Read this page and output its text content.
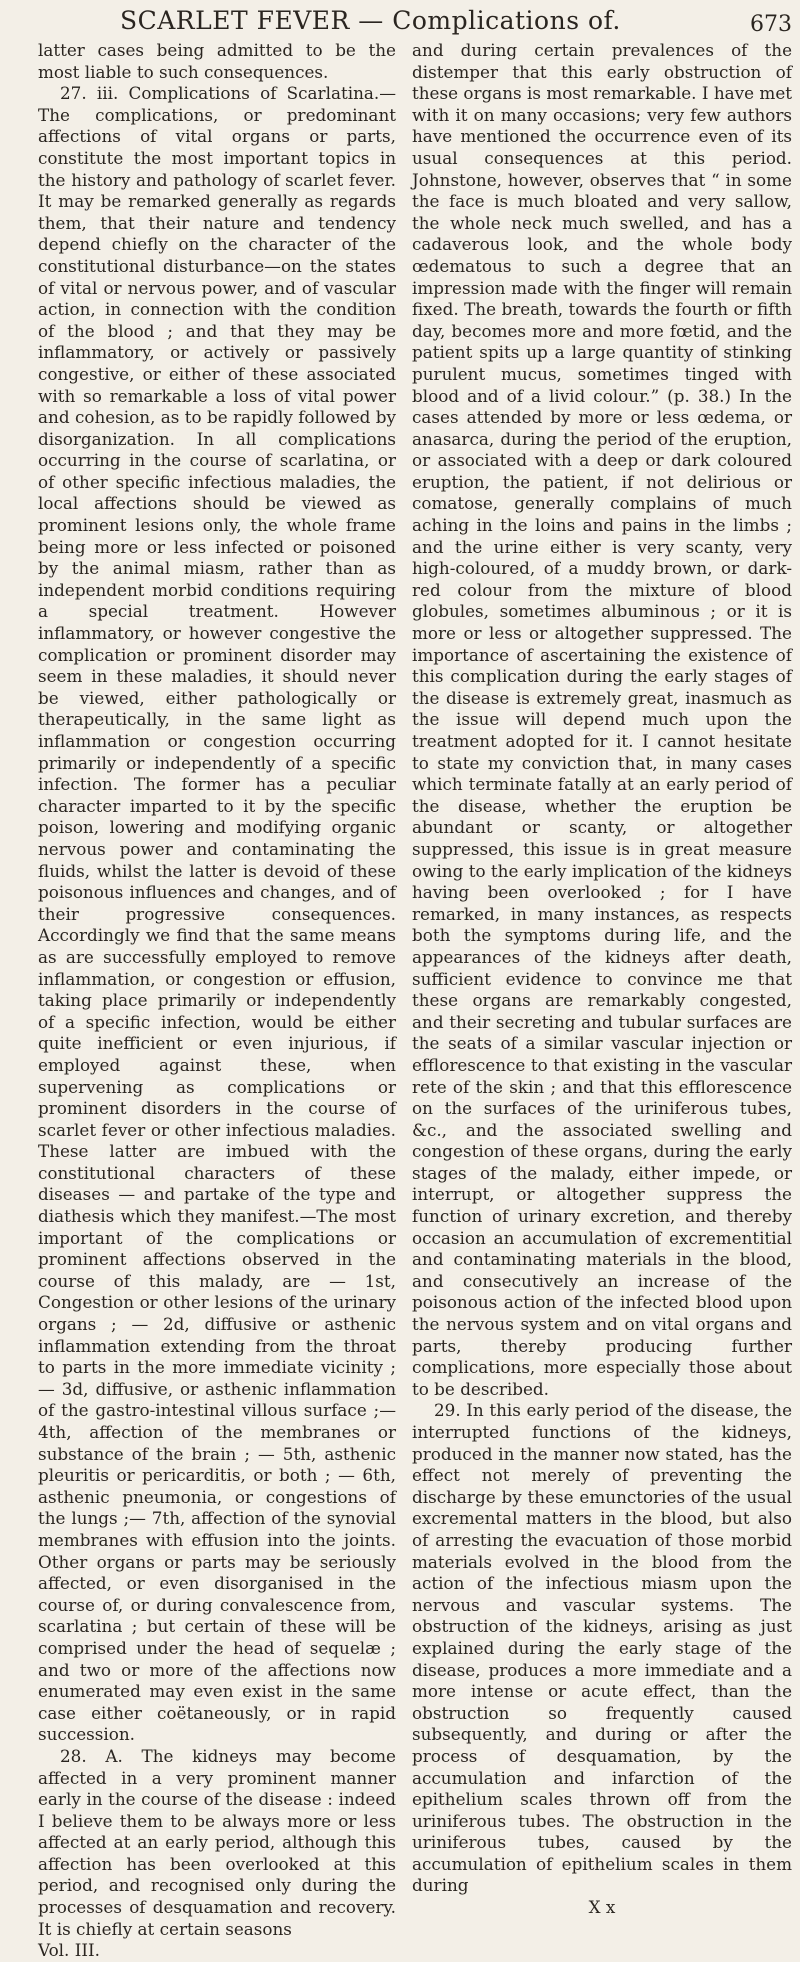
SCARLET FEVER — Complications of.	673

latter cases being admitted to be the most liable to such consequences.

27. iii. Complications of Scarlatina.—The complications, or predominant affections of vital organs or parts, constitute the most important topics in the history and pathology of scarlet fever. It may be remarked generally as regards them, that their nature and tendency depend chiefly on the character of the constitutional disturbance—on the states of vital or nervous power, and of vascular action, in connection with the condition of the blood ; and that they may be inflammatory, or actively or passively congestive, or either of these associated with so remarkable a loss of vital power and cohesion, as to be rapidly followed by disorganization. In all complications occurring in the course of scarlatina, or of other specific infectious maladies, the local affections should be viewed as prominent lesions only, the whole frame being more or less infected or poisoned by the animal miasm, rather than as independent morbid conditions requiring a special treatment. However inflammatory, or however congestive the complication or prominent disorder may seem in these maladies, it should never be viewed, either pathologically or therapeutically, in the same light as inflammation or congestion occurring primarily or independently of a specific infection. The former has a peculiar character imparted to it by the specific poison, lowering and modifying organic nervous power and contaminating the fluids, whilst the latter is devoid of these poisonous influences and changes, and of their progressive consequences. Accordingly we find that the same means as are successfully employed to remove inflammation, or congestion or effusion, taking place primarily or independently of a specific infection, would be either quite inefficient or even injurious, if employed against these, when supervening as complications or prominent disorders in the course of scarlet fever or other infectious maladies. These latter are imbued with the constitutional characters of these diseases — and partake of the type and diathesis which they manifest.—The most important of the complications or prominent affections observed in the course of this malady, are — 1st, Congestion or other lesions of the urinary organs ; — 2d, diffusive or asthenic inflammation extending from the throat to parts in the more immediate vicinity ; — 3d, diffusive, or asthenic inflammation of the gastro-intestinal villous surface ;—4th, affection of the membranes or substance of the brain ; — 5th, asthenic pleuritis or pericarditis, or both ; — 6th, asthenic pneumonia, or congestions of the lungs ;— 7th, affection of the synovial membranes with effusion into the joints. Other organs or parts may be seriously affected, or even disorganised in the course of, or during convalescence from, scarlatina ; but certain of these will be comprised under the head of sequelæ ; and two or more of the affections now enumerated may even exist in the same case either coëtaneously, or in rapid succession.

28. A. The kidneys may become affected in a very prominent manner early in the course of the disease : indeed I believe them to be always more or less affected at an early period, although this affection has been overlooked at this period, and recognised only during the processes of desquamation and recovery. It is chiefly at certain seasons

Vol. III.

and during certain prevalences of the distemper that this early obstruction of these organs is most remarkable. I have met with it on many occasions; very few authors have mentioned the occurrence even of its usual consequences at this period. Johnstone, however, observes that “ in some the face is much bloated and very sallow, the whole neck much swelled, and has a cadaverous look, and the whole body œdematous to such a degree that an impression made with the finger will remain fixed. The breath, towards the fourth or fifth day, becomes more and more fœtid, and the patient spits up a large quantity of stinking purulent mucus, sometimes tinged with blood and of a livid colour.” (p. 38.) In the cases attended by more or less œdema, or anasarca, during the period of the eruption, or associated with a deep or dark coloured eruption, the patient, if not delirious or comatose, generally complains of much aching in the loins and pains in the limbs ; and the urine either is very scanty, very high-coloured, of a muddy brown, or dark-red colour from the mixture of blood globules, sometimes albuminous ; or it is more or less or altogether suppressed. The importance of ascertaining the existence of this complication during the early stages of the disease is extremely great, inasmuch as the issue will depend much upon the treatment adopted for it. I cannot hesitate to state my conviction that, in many cases which terminate fatally at an early period of the disease, whether the eruption be abundant or scanty, or altogether suppressed, this issue is in great measure owing to the early implication of the kidneys having been overlooked ; for I have remarked, in many instances, as respects both the symptoms during life, and the appearances of the kidneys after death, sufficient evidence to convince me that these organs are remarkably congested, and their secreting and tubular surfaces are the seats of a similar vascular injection or efflorescence to that existing in the vascular rete of the skin ; and that this efflorescence on the surfaces of the uriniferous tubes, &c., and the associated swelling and congestion of these organs, during the early stages of the malady, either impede, or interrupt, or altogether suppress the function of urinary excretion, and thereby occasion an accumulation of excrementitial and contaminating materials in the blood, and consecutively an increase of the poisonous action of the infected blood upon the nervous system and on vital organs and parts, thereby producing further complications, more especially those about to be described.

29. In this early period of the disease, the interrupted functions of the kidneys, produced in the manner now stated, has the effect not merely of preventing the discharge by these emunctories of the usual excremental matters in the blood, but also of arresting the evacuation of those morbid materials evolved in the blood from the action of the infectious miasm upon the nervous and vascular systems. The obstruction of the kidneys, arising as just explained during the early stage of the disease, produces a more immediate and a more intense or acute effect, than the obstruction so frequently caused subsequently, and during or after the process of desquamation, by the accumulation and infarction of the epithelium scales thrown off from the uriniferous tubes. The obstruction in the uriniferous tubes, caused by the accumulation of epithelium scales in them during

X x
